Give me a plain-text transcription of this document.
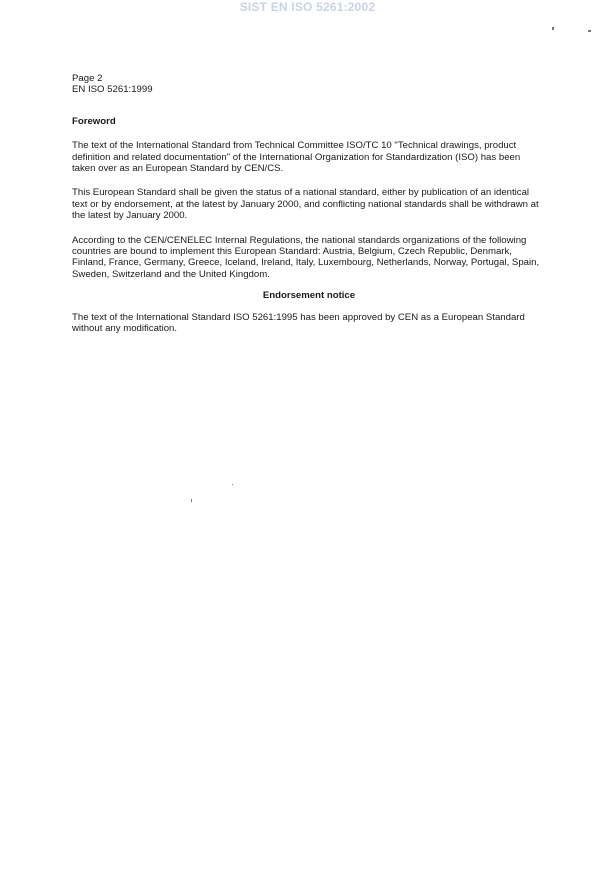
SIST EN ISO 5261:2002
Page 2
EN ISO 5261:1999
Foreword

The text of the International Standard from Technical Committee ISO/TC 10 "Technical drawings, product definition and related documentation" of the International Organization for Standardization (ISO) has been taken over as an European Standard by CEN/CS.

This European Standard shall be given the status of a national standard, either by publication of an identical text or by endorsement, at the latest by January 2000, and conflicting national standards shall be withdrawn at the latest by January 2000.

According to the CEN/CENELEC Internal Regulations, the national standards organizations of the following countries are bound to implement this European Standard: Austria, Belgium, Czech Republic, Denmark, Finland, France, Germany, Greece, Iceland, Ireland, Italy, Luxembourg, Netherlands, Norway, Portugal, Spain, Sweden, Switzerland and the United Kingdom.

Endorsement notice

The text of the International Standard ISO 5261:1995 has been approved by CEN as a European Standard without any modification.
